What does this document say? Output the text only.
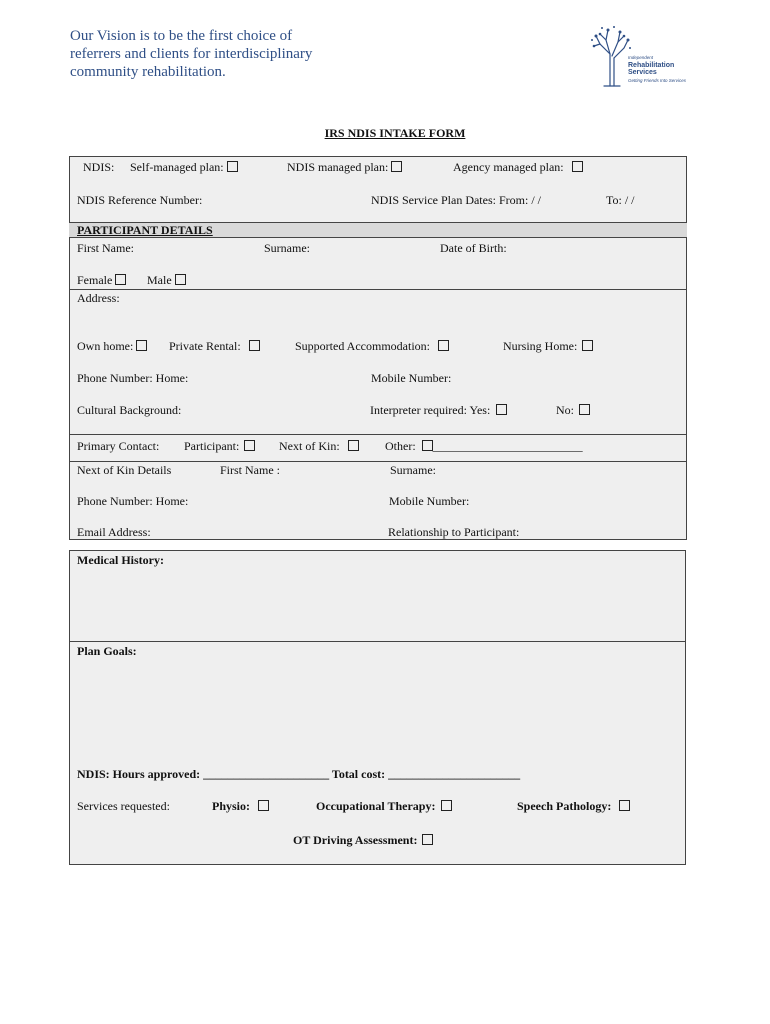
Our Vision is to be the first choice of
referrers and clients for interdisciplinary
community rehabilitation.
Independent
Rehabilitation
Services
Getting Friends Into Services
IRS NDIS INTAKE FORM
NDIS: Self-managed plan:	NDIS managed plan:	Agency managed plan:
NDIS Reference Number:	NDIS Service Plan Dates: From: / /	To: / /
PARTICIPANT DETAILS
First Name:	Surname:	Date of Birth:
Female	Male
Address:
Own home:	Private Rental:	Supported Accommodation:	Nursing Home:
Phone Number: Home:	Mobile Number:
Cultural Background:	Interpreter required: Yes:	No:
Primary Contact: Participant:	Next of Kin:	Other: _________________________
Next of Kin Details	First Name :	Surname:
Phone Number: Home:	Mobile Number:
Email Address:	Relationship to Participant:
Medical History:
Plan Goals:
NDIS: Hours approved: _____________________ Total cost: ______________________
Services requested:	Physio:	Occupational Therapy:	Speech Pathology:
OT Driving Assessment:
